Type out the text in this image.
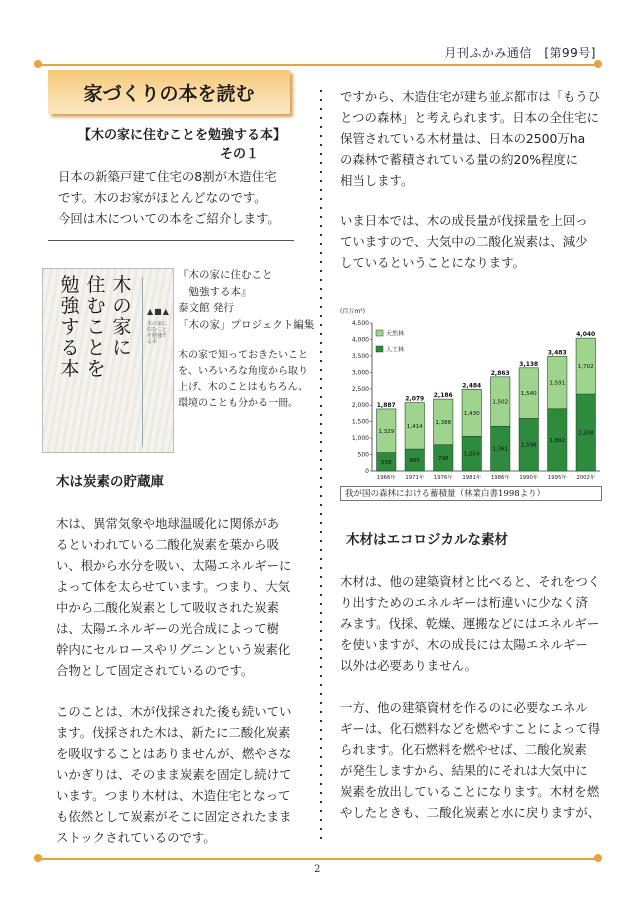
月刊ふかみ通信　[第99号]
家づくりの本を読む
【木の家に住むことを勉強する本】
その１
日本の新築戸建て住宅の8割が木造住宅
です。木のお家がほとんどなのです。
今回は木についての本をご紹介します。
木の家に
住むことを
勉強する本
▲■▲
木の家に住むことを勉強する本
『木の家に住むこと
　勉強する本』
泰文館 発行
「木の家」プロジェクト編集
木の家で知っておきたいこと
を、いろいろな角度から取り
上げ、木のことはもちろん、
環境のことも分かる一冊。
木は炭素の貯蔵庫
木は、異常気象や地球温暖化に関係があ
るといわれている二酸化炭素を葉から吸
い、根から水分を吸い、太陽エネルギーに
よって体を太らせています。つまり、大気
中から二酸化炭素として吸収された炭素
は、太陽エネルギーの光合成によって樹
幹内にセルロースやリグニンという炭素化
合物として固定されているのです。
このことは、木が伐採された後も続いてい
ます。伐採された木は、新たに二酸化炭素
を吸収することはありませんが、燃やさな
いかぎりは、そのまま炭素を固定し続けて
います。つまり木材は、木造住宅となって
も依然として炭素がそこに固定されたまま
ストックされているのです。
ですから、木造住宅が建ち並ぶ都市は「もうひ
とつの森林」と考えられます。日本の全住宅に
保管されている木材量は、日本の2500万ha
の森林で蓄積されている量の約20%程度に
相当します。
いま日本では、木の成長量が伐採量を上回っ
ていますので、大気中の二酸化炭素は、減少
しているということになります。
(百万m³)
0
500
1,000
1,500
2,000
2,500
3,000
3,500
4,000
4,500
558
1,329
1,887
1966年
665
1,414
2,079
1971年
798
1,388
2,186
1976年
1,054
1,430
2,484
1981年
1,361
1,502
2,863
1986年
1,598
1,540
3,138
1990年
1,892
1,591
3,483
1995年
2,338
1,702
4,040
2002年
天然林
人工林
我が国の森林における蓄積量（林業白書1998より）
木材はエコロジカルな素材
木材は、他の建築資材と比べると、それをつく
り出すためのエネルギーは桁違いに少なく済
みます。伐採、乾燥、運搬などにはエネルギー
を使いますが、木の成長には太陽エネルギー
以外は必要ありません。
一方、他の建築資材を作るのに必要なエネル
ギーは、化石燃料などを燃やすことによって得
られます。化石燃料を燃やせば、二酸化炭素
が発生しますから、結果的にそれは大気中に
炭素を放出していることになります。木材を燃
やしたときも、二酸化炭素と水に戻りますが、
2
